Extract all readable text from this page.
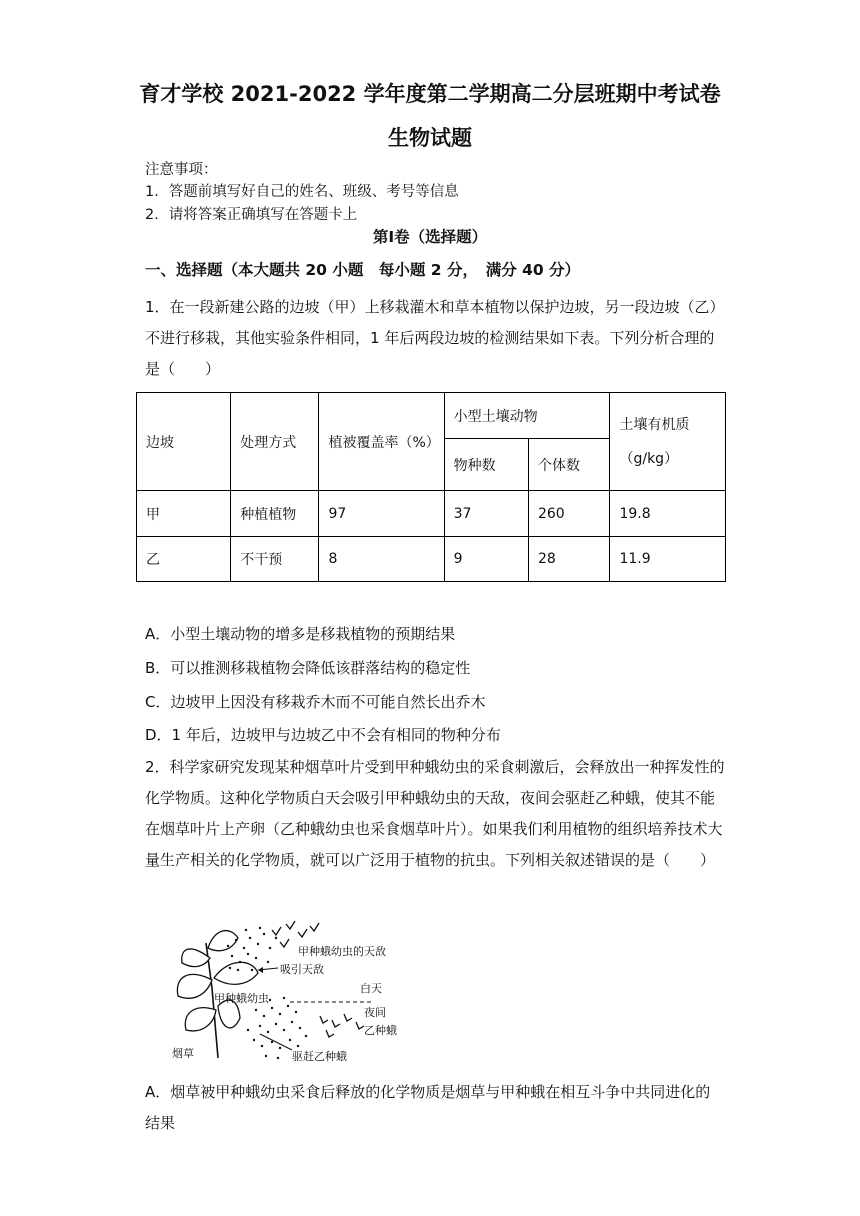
育才学校 2021-2022 学年度第二学期高二分层班期中考试卷
生物试题
注意事项：
1．答题前填写好自己的姓名、班级、考号等信息
2．请将答案正确填写在答题卡上
第Ⅰ卷（选择题）
一、选择题（本大题共 20 小题　每小题 2 分，　满分 40 分）
1．在一段新建公路的边坡（甲）上移栽灌木和草本植物以保护边坡，另一段边坡（乙）不进行移栽，其他实验条件相同，1 年后两段边坡的检测结果如下表。下列分析合理的是（　　）
边坡	处理方式	植被覆盖率（%）	小型土壤动物		土壤有机质
（g/kg）

			物种数	个体数	
甲	种植植物	97	37	260	19.8
乙	不干预	8	9	28	11.9
A．小型土壤动物的增多是移栽植物的预期结果
B．可以推测移栽植物会降低该群落结构的稳定性
C．边坡甲上因没有移栽乔木而不可能自然长出乔木
D．1 年后，边坡甲与边坡乙中不会有相同的物种分布
2．科学家研究发现某种烟草叶片受到甲种蛾幼虫的采食刺激后，会释放出一种挥发性的化学物质。这种化学物质白天会吸引甲种蛾幼虫的天敌，夜间会驱赶乙种蛾，使其不能在烟草叶片上产卵（乙种蛾幼虫也采食烟草叶片）。如果我们利用植物的组织培养技术大量生产相关的化学物质，就可以广泛用于植物的抗虫。下列相关叙述错误的是（　　）
甲种蛾幼虫的天敌
吸引天敌
甲种蛾幼虫
白天
夜间
乙种蛾
烟草	驱赶乙种蛾
A．烟草被甲种蛾幼虫采食后释放的化学物质是烟草与甲种蛾在相互斗争中共同进化的结果
